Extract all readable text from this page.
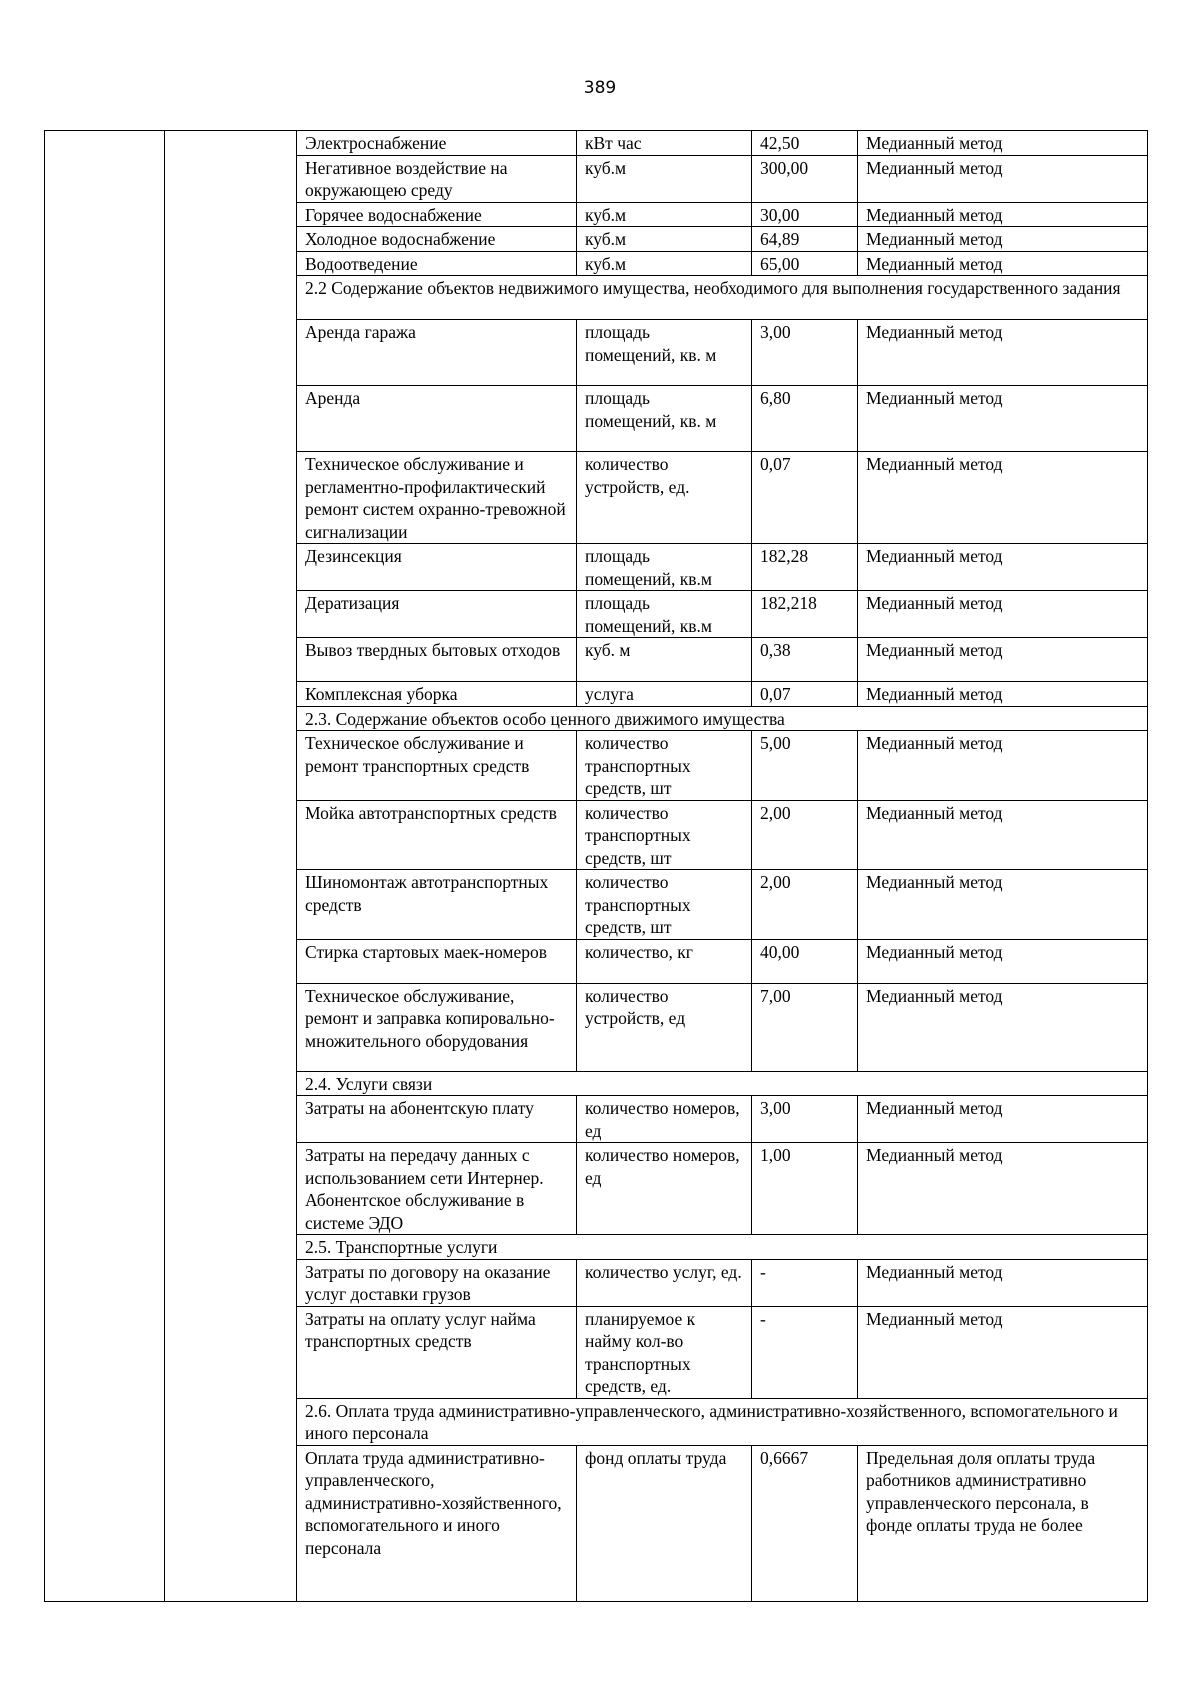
389
		Электроснабжение	кВт час	42,50	Медианный метод
		Негативное воздействие на окружающею среду	куб.м	300,00	Медианный метод
		Горячее водоснабжение	куб.м	30,00	Медианный метод
		Холодное водоснабжение	куб.м	64,89	Медианный метод
		Водоотведение	куб.м	65,00	Медианный метод
		2.2 Содержание объектов недвижимого имущества, необходимого для выполнения государственного задания			
		Аренда гаража	площадь помещений, кв. м	3,00	Медианный метод
		Аренда	площадь помещений, кв. м	6,80	Медианный метод
		Техническое обслуживание и регламентно-профилактический ремонт систем охранно-тревожной сигнализации	количество устройств, ед.	0,07	Медианный метод
		Дезинсекция	площадь помещений, кв.м	182,28	Медианный метод
		Дератизация	площадь помещений, кв.м	182,218	Медианный метод
		Вывоз твердных бытовых отходов	куб. м	0,38	Медианный метод
		Комплексная уборка	услуга	0,07	Медианный метод
		2.3. Содержание объектов особо ценного движимого имущества			
		Техническое обслуживание и ремонт транспортных средств	количество транспортных средств, шт	5,00	Медианный метод
		Мойка автотранспортных средств	количество транспортных средств, шт	2,00	Медианный метод
		Шиномонтаж автотранспортных средств	количество транспортных средств, шт	2,00	Медианный метод
		Стирка стартовых маек-номеров	количество, кг	40,00	Медианный метод
		Техническое обслуживание, ремонт и заправка копировально-множительного оборудования	количество устройств, ед	7,00	Медианный метод
		2.4. Услуги связи			
		Затраты на абонентскую плату	количество номеров, ед	3,00	Медианный метод
		Затраты на передачу данных с использованием сети Интернер. Абонентское обслуживание в системе ЭДО	количество номеров, ед	1,00	Медианный метод
		2.5. Транспортные услуги			
		Затраты по договору на оказание услуг доставки грузов	количество услуг, ед.	-	Медианный метод
		Затраты на оплату услуг найма транспортных средств	планируемое к найму кол-во транспортных средств, ед.	-	Медианный метод
		2.6. Оплата труда административно-управленческого, административно-хозяйственного, вспомогательного и иного персонала			
		Оплата труда административно-управленческого, административно-хозяйственного, вспомогательного и иного персонала	фонд оплаты труда	0,6667	Предельная доля оплаты труда работников административно управленческого персонала, в фонде оплаты труда не более
